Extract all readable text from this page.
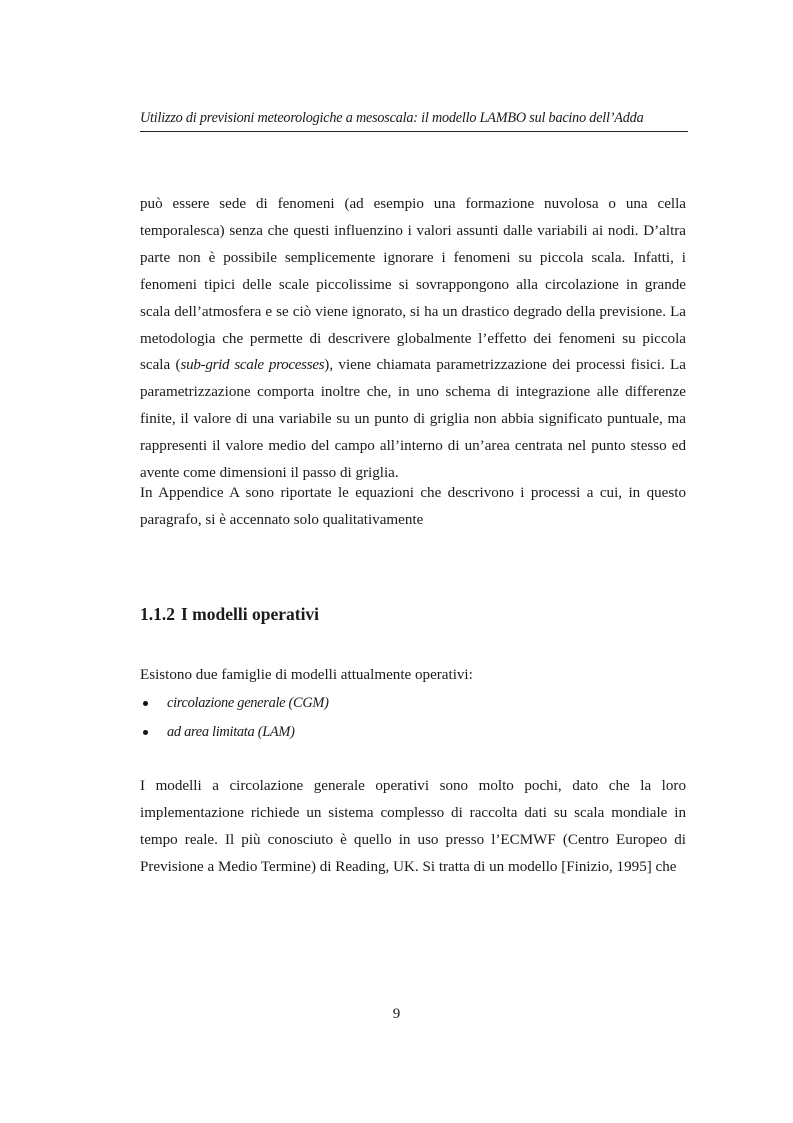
Utilizzo di previsioni meteorologiche a mesoscala: il modello LAMBO sul bacino dell’Adda

può essere sede di fenomeni (ad esempio una formazione nuvolosa o una cella temporalesca) senza che questi influenzino i valori assunti dalle variabili ai nodi. D’altra parte non è possibile semplicemente ignorare i fenomeni su piccola scala. Infatti, i fenomeni tipici delle scale piccolissime si sovrappongono alla circolazione in grande scala dell’atmosfera e se ciò viene ignorato, si ha un drastico degrado della previsione. La metodologia che permette di descrivere globalmente l’effetto dei fenomeni su piccola scala (sub-grid scale processes), viene chiamata parametrizzazione dei processi fisici. La parametrizzazione comporta inoltre che, in uno schema di integrazione alle differenze finite, il valore di una variabile su un punto di griglia non abbia significato puntuale, ma rappresenti il valore medio del campo all’interno di un’area centrata nel punto stesso ed avente come dimensioni il passo di griglia.

In Appendice A sono riportate le equazioni che descrivono i processi a cui, in questo paragrafo, si è accennato solo qualitativamente

1.1.2 I modelli operativi

Esistono due famiglie di modelli attualmente operativi:

circolazione generale (CGM)
ad area limitata (LAM)

I modelli a circolazione generale operativi sono molto pochi, dato che la loro implementazione richiede un sistema complesso di raccolta dati su scala mondiale in tempo reale. Il più conosciuto è quello in uso presso l’ECMWF (Centro Europeo di Previsione a Medio Termine) di Reading, UK. Si tratta di un modello [Finizio, 1995] che

9
